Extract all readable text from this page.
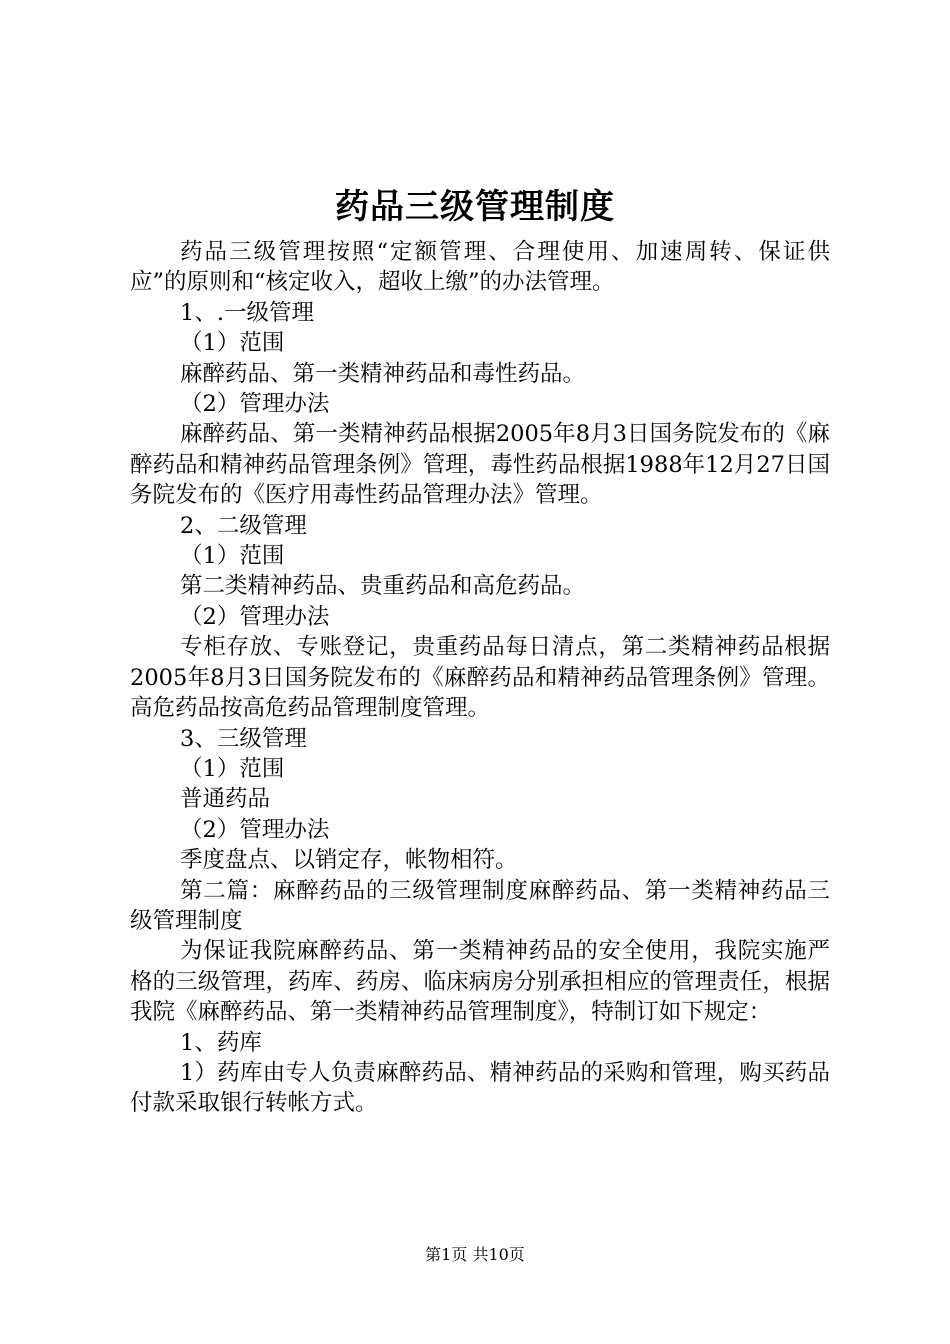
药品三级管理制度

药品三级管理按照“定额管理、合理使用、加速周转、保证供应”的原则和“核定收入，超收上缴”的办法管理。

1、.一级管理

（1）范围

麻醉药品、第一类精神药品和毒性药品。

（2）管理办法

麻醉药品、第一类精神药品根据2005年8月3日国务院发布的《麻醉药品和精神药品管理条例》管理，毒性药品根据1988年12月27日国务院发布的《医疗用毒性药品管理办法》管理。

2、二级管理

（1）范围

第二类精神药品、贵重药品和高危药品。

（2）管理办法

专柜存放、专账登记，贵重药品每日清点，第二类精神药品根据2005年8月3日国务院发布的《麻醉药品和精神药品管理条例》管理。高危药品按高危药品管理制度管理。

3、三级管理

（1）范围

普通药品

（2）管理办法

季度盘点、以销定存，帐物相符。

第二篇：麻醉药品的三级管理制度麻醉药品、第一类精神药品三级管理制度

为保证我院麻醉药品、第一类精神药品的安全使用，我院实施严格的三级管理，药库、药房、临床病房分别承担相应的管理责任，根据我院《麻醉药品、第一类精神药品管理制度》，特制订如下规定：

1、药库

1）药库由专人负责麻醉药品、精神药品的采购和管理，购买药品付款采取银行转帐方式。

第1页 共10页
